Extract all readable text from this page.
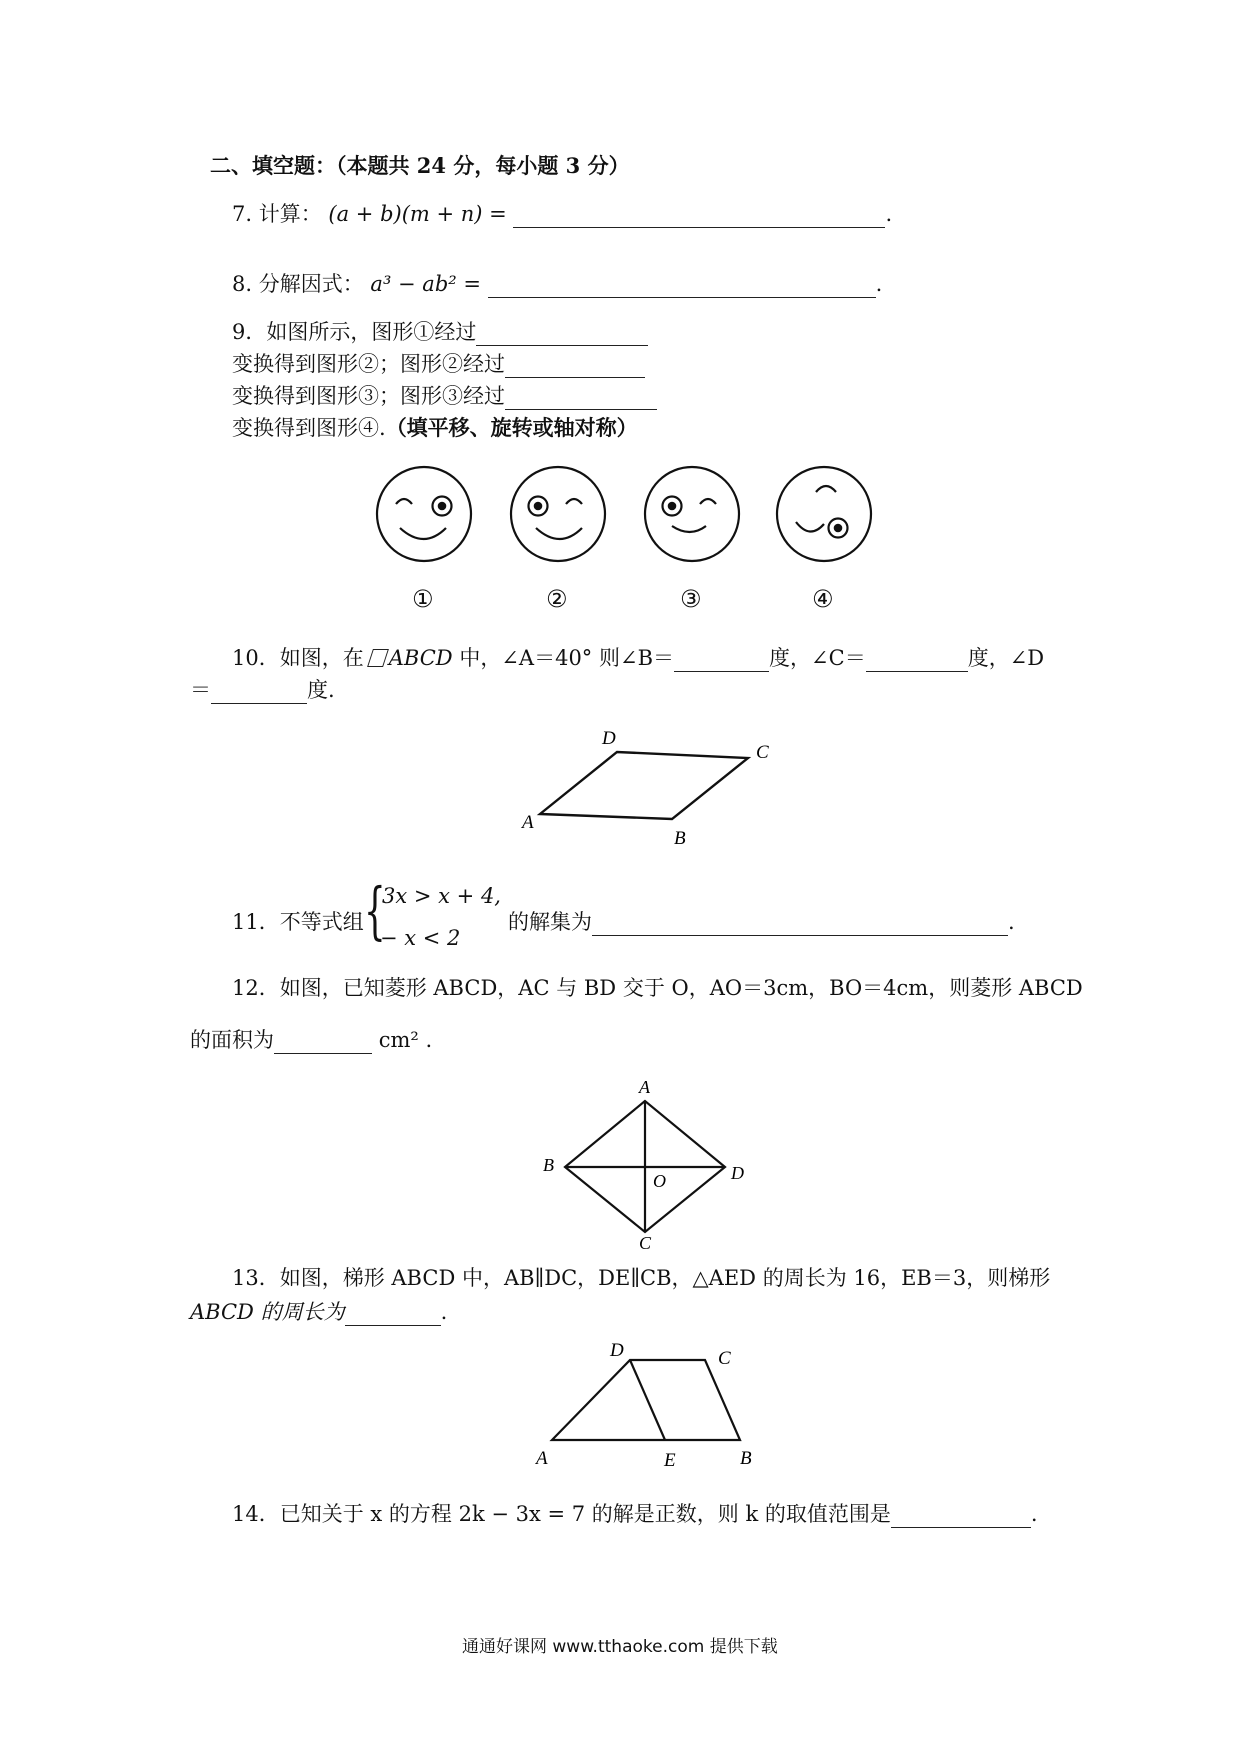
二、填空题：（本题共 24 分，每小题 3 分）
7. 计算： (a + b)(m + n) =	.
8. 分解因式： a³ − ab² =	.
9．如图所示，图形①经过
变换得到图形②；图形②经过
变换得到图形③；图形③经过
变换得到图形④.（填平移、旋转或轴对称）
①	②	③	④
10．如图，在 ABCD 中，∠A＝40° 则∠B＝	度，∠C＝	度，∠D
＝	度.
A
B
C
D
11．不等式组 {
3x > x + 4,
− x < 2
的解集为	.
12．如图，已知菱形 ABCD，AC 与 BD 交于 O，AO＝3cm，BO＝4cm，则菱形 ABCD
的面积为	cm² .
A
B
C
D
O
13．如图，梯形 ABCD 中，AB∥DC，DE∥CB，△AED 的周长为 16，EB＝3，则梯形
ABCD 的周长为	.
A	B
C
D
E
14．已知关于 x 的方程 2k − 3x = 7 的解是正数，则 k 的取值范围是	.
通通好课网 www.tthaoke.com 提供下载
